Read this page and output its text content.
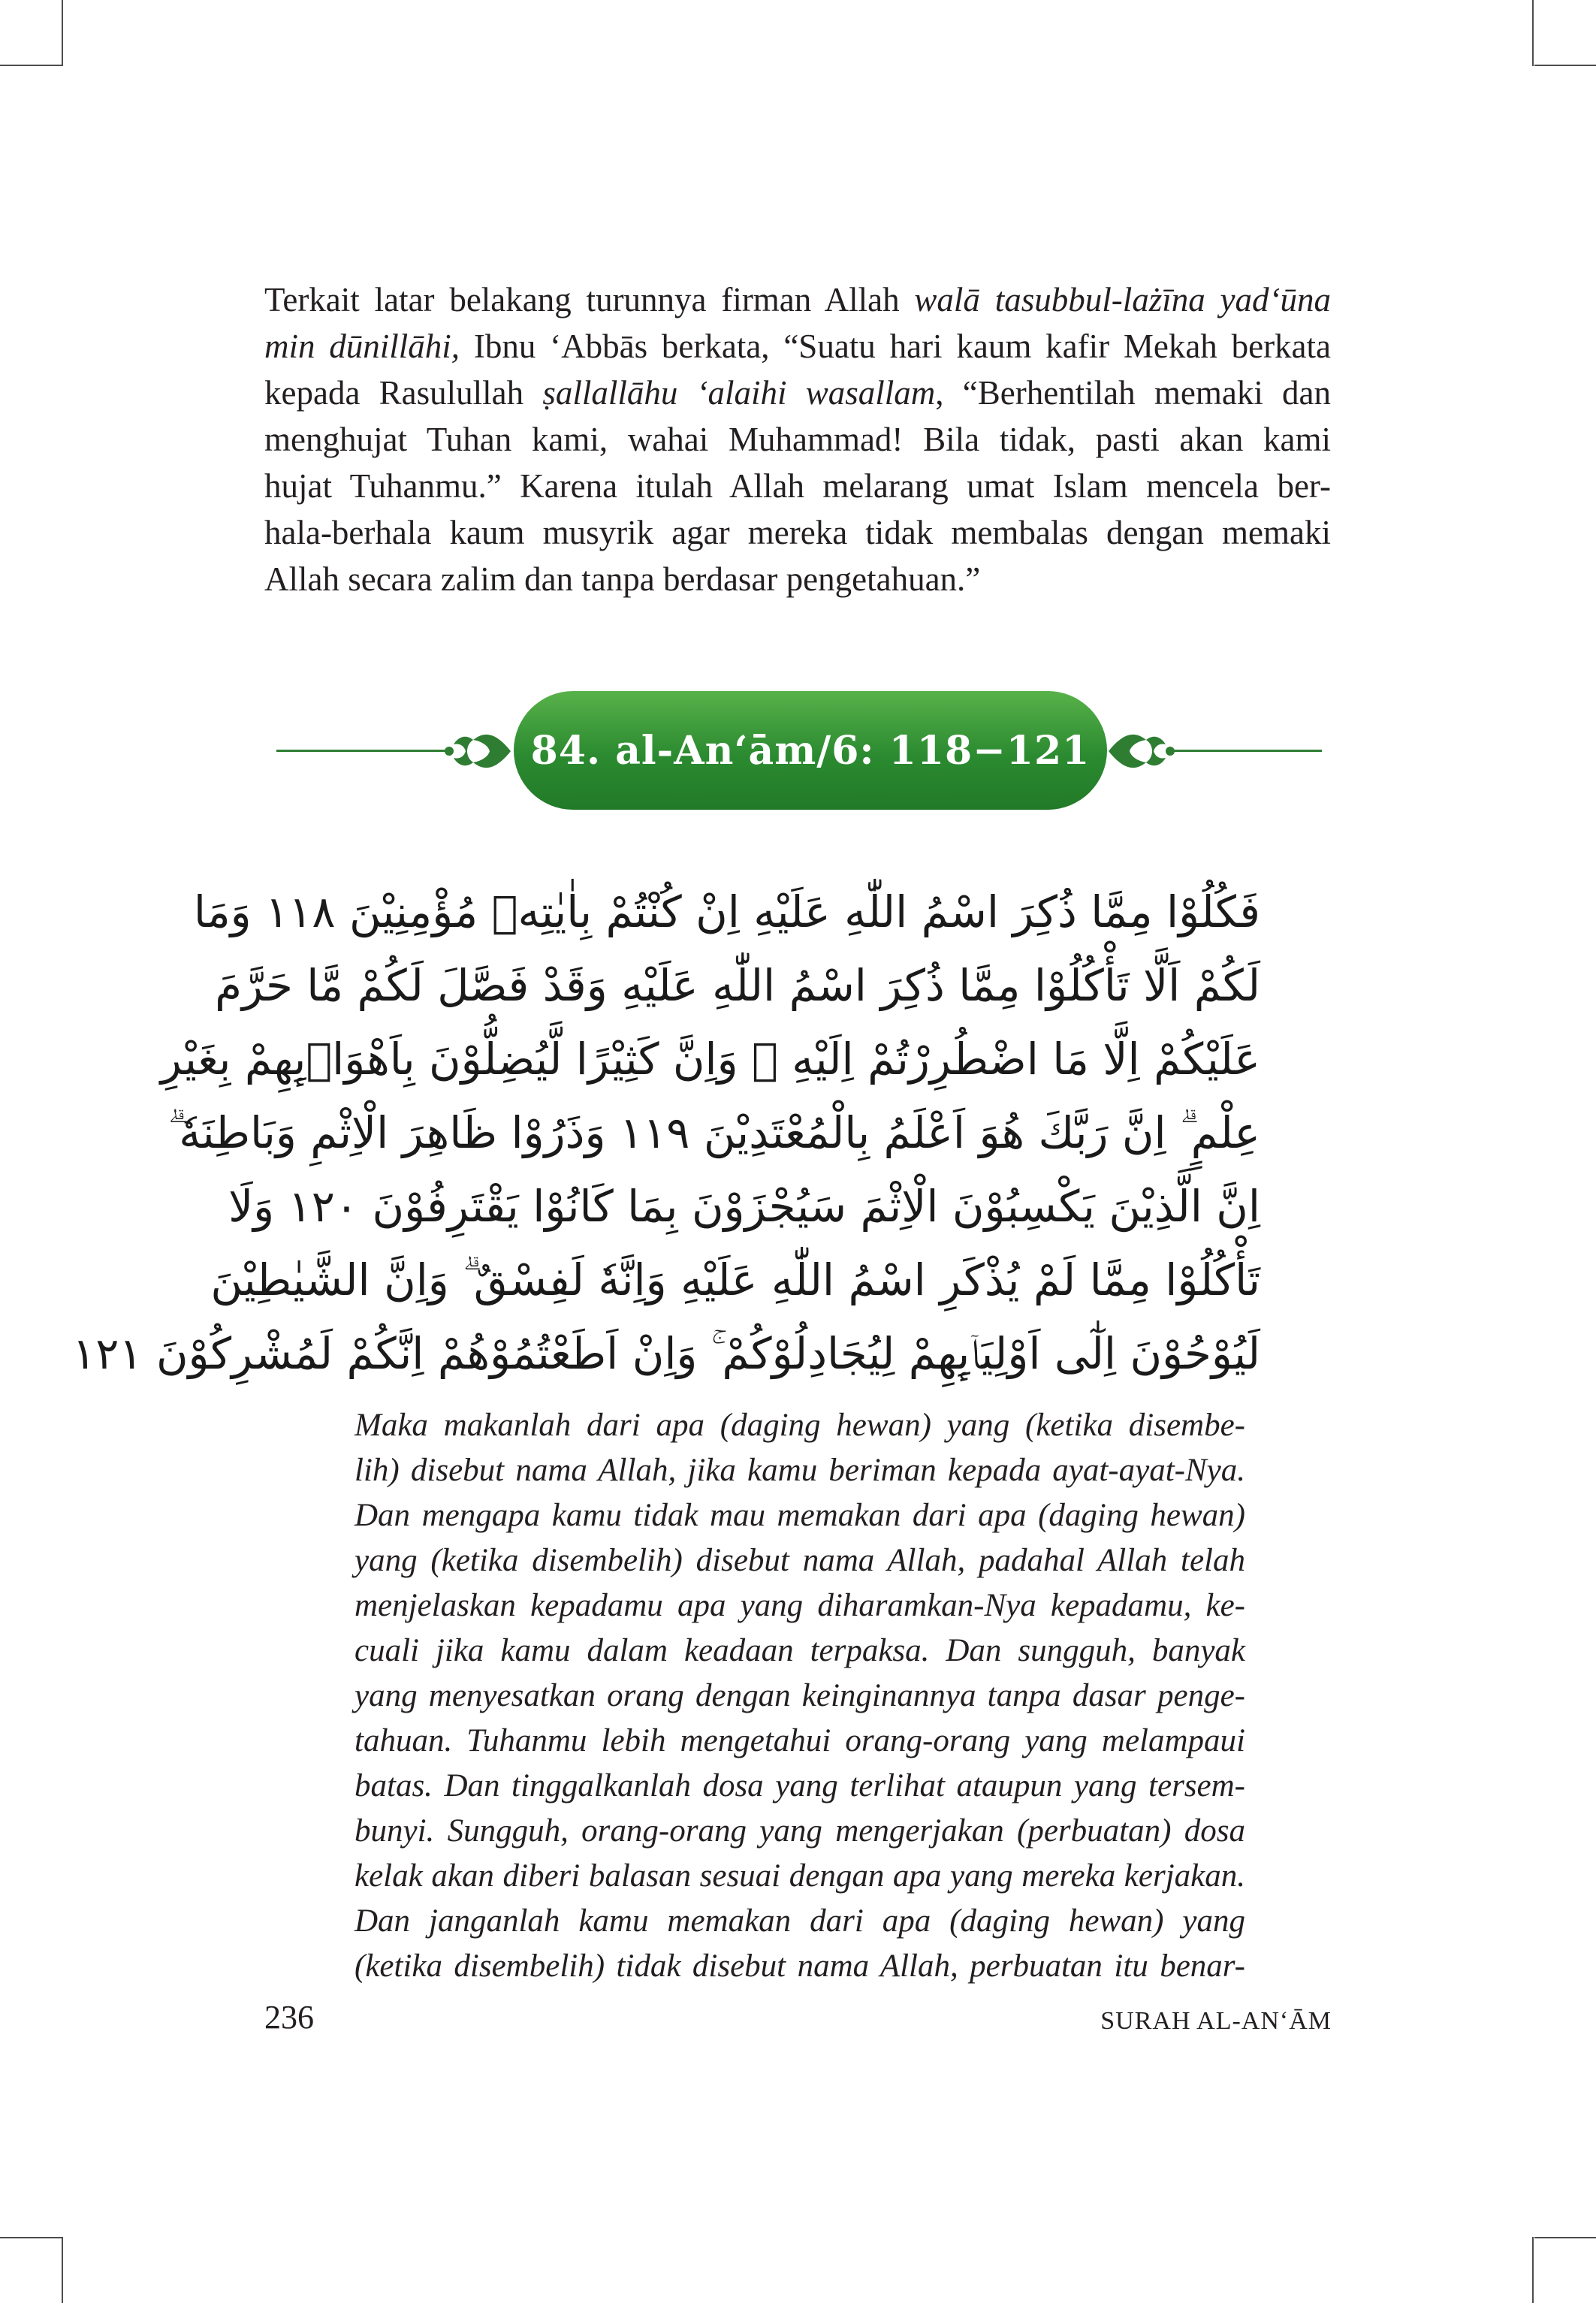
Terkait latar belakang turunnya firman Allah walā tasubbul-lażīna yad‘ūna
min dūnillāhi, Ibnu ‘Abbās berkata, “Suatu hari kaum kafir Mekah berkata
kepada Rasulullah ṣallallāhu ‘alaihi wasallam, “Berhentilah memaki dan
menghujat Tuhan kami, wahai Muhammad! Bila tidak, pasti akan kami
hujat Tuhanmu.” Karena itulah Allah melarang umat Islam mencela ber-
hala-berhala kaum musyrik agar mereka tidak membalas dengan memaki
Allah secara zalim dan tanpa berdasar pengetahuan.”
84. al-An‘ām/6: 118−121
فَكُلُوْا مِمَّا ذُكِرَ اسْمُ اللّٰهِ عَلَيْهِ اِنْ كُنْتُمْ بِاٰيٰتِهٖ مُؤْمِنِيْنَ ١١٨ وَمَا
لَكُمْ اَلَّا تَأْكُلُوْا مِمَّا ذُكِرَ اسْمُ اللّٰهِ عَلَيْهِ وَقَدْ فَصَّلَ لَكُمْ مَّا حَرَّمَ
عَلَيْكُمْ اِلَّا مَا اضْطُرِرْتُمْ اِلَيْهِ ۗ وَاِنَّ كَثِيْرًا لَّيُضِلُّوْنَ بِاَهْوَاۤىِٕهِمْ بِغَيْرِ
عِلْمٍ ۗ اِنَّ رَبَّكَ هُوَ اَعْلَمُ بِالْمُعْتَدِيْنَ ١١٩ وَذَرُوْا ظَاهِرَ الْاِثْمِ وَبَاطِنَهٗ ۗ
اِنَّ الَّذِيْنَ يَكْسِبُوْنَ الْاِثْمَ سَيُجْزَوْنَ بِمَا كَانُوْا يَقْتَرِفُوْنَ ١٢٠ وَلَا
تَأْكُلُوْا مِمَّا لَمْ يُذْكَرِ اسْمُ اللّٰهِ عَلَيْهِ وَاِنَّهٗ لَفِسْقٌ ۗ وَاِنَّ الشَّيٰطِيْنَ
لَيُوْحُوْنَ اِلٰٓى اَوْلِيَاۤىِٕهِمْ لِيُجَادِلُوْكُمْ ۚ وَاِنْ اَطَعْتُمُوْهُمْ اِنَّكُمْ لَمُشْرِكُوْنَ ١٢١
Maka makanlah dari apa (daging hewan) yang (ketika disembe-
lih) disebut nama Allah, jika kamu beriman kepada ayat-ayat-Nya.
Dan mengapa kamu tidak mau memakan dari apa (daging hewan)
yang (ketika disembelih) disebut nama Allah, padahal Allah telah
menjelaskan kepadamu apa yang diharamkan-Nya kepadamu, ke-
cuali jika kamu dalam keadaan terpaksa. Dan sungguh, banyak
yang menyesatkan orang dengan keinginannya tanpa dasar penge-
tahuan. Tuhanmu lebih mengetahui orang-orang yang melampaui
batas. Dan tinggalkanlah dosa yang terlihat ataupun yang tersem-
bunyi. Sungguh, orang-orang yang mengerjakan (perbuatan) dosa
kelak akan diberi balasan sesuai dengan apa yang mereka kerjakan.
Dan janganlah kamu memakan dari apa (daging hewan) yang
(ketika disembelih) tidak disebut nama Allah, perbuatan itu benar-
236	SURAH AL-AN‘ĀM
